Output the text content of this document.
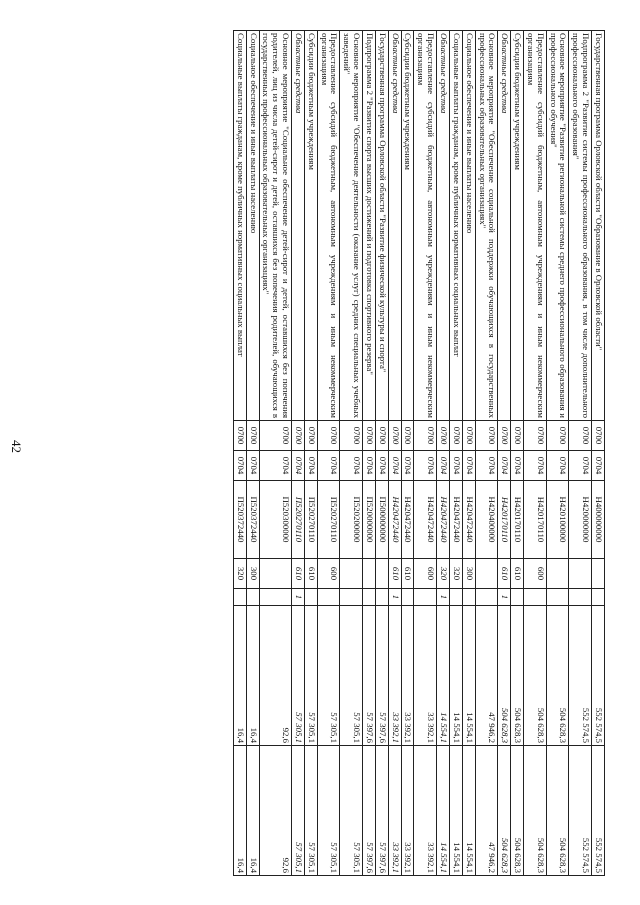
42
Государственная программа Орловской области "Образование в Орловской области"	0700	0704	Н400000000			552 574,5	552 574,5
Подпрограмма 2 "Развитие системы профессионального образования, в том числе дополнительного профессионального образования"	0700	0704	Н420000000			552 574,5	552 574,5
Основное мероприятие "Развитие региональной системы среднего профессионального образования и профессионального обучения"	0700	0704	Н420100000			504 628,3	504 628,3
Предоставление субсидий бюджетным, автономным учреждениям и иным некоммерческим организациям	0700	0704	Н420170110	600		504 628,3	504 628,3
Субсидии бюджетным учреждениям	0700	0704	Н420170110	610		504 628,3	504 628,3
Областные средства	0700	0704	Н420170110	610	1	504 628,3	504 628,3
Основное мероприятие "Обеспечение социальной поддержки обучающихся в государственных профессиональных образовательных организациях"	0700	0704	Н420400000			47 946,2	47 946,2
Социальное обеспечение и иные выплаты населению	0700	0704	Н420472440	300		14 554,1	14 554,1
Социальные выплаты гражданам, кроме публичных нормативных социальных выплат	0700	0704	Н420472440	320		14 554,1	14 554,1
Областные средства	0700	0704	Н420472440	320	1	14 554,1	14 554,1
Предоставление субсидий бюджетным, автономным учреждениям и иным некоммерческим организациям	0700	0704	Н420472440	600		33 392,1	33 392,1
Субсидии бюджетным учреждениям	0700	0704	Н420472440	610		33 392,1	33 392,1
Областные средства	0700	0704	Н420472440	610	1	33 392,1	33 392,1
Государственная программа Орловской области "Развитие физической культуры и спорта"	0700	0704	П500000000			57 397,6	57 397,6
Подпрограмма 2 "Развитие спорта высших достижений и подготовка спортивного резерва"	0700	0704	П520000000			57 397,6	57 397,6
Основное мероприятие "Обеспечение деятельности (оказание услуг) средних специальных учебных заведений"	0700	0704	П520200000			57 305,1	57 305,1
Предоставление субсидий бюджетным, автономным учреждениям и иным некоммерческим организациям	0700	0704	П520270110	600		57 305,1	57 305,1
Субсидии бюджетным учреждениям	0700	0704	П520270110	610		57 305,1	57 305,1
Областные средства	0700	0704	П520270110	610	1	57 305,1	57 305,1
Основное мероприятие "Социальное обеспечение детей-сирот и детей, оставшихся без попечения родителей, лиц из числа детей-сирот и детей, оставшихся без попечения родителей, обучающихся в государственных профессиональных образовательных организациях"	0700	0704	П520300000			92,6	92,6
Социальное обеспечение и иные выплаты населению	0700	0704	П520372440	300		16,4	16,4
Социальные выплаты гражданам, кроме публичных нормативных социальных выплат	0700	0704	П520372440	320		16,4	16,4
